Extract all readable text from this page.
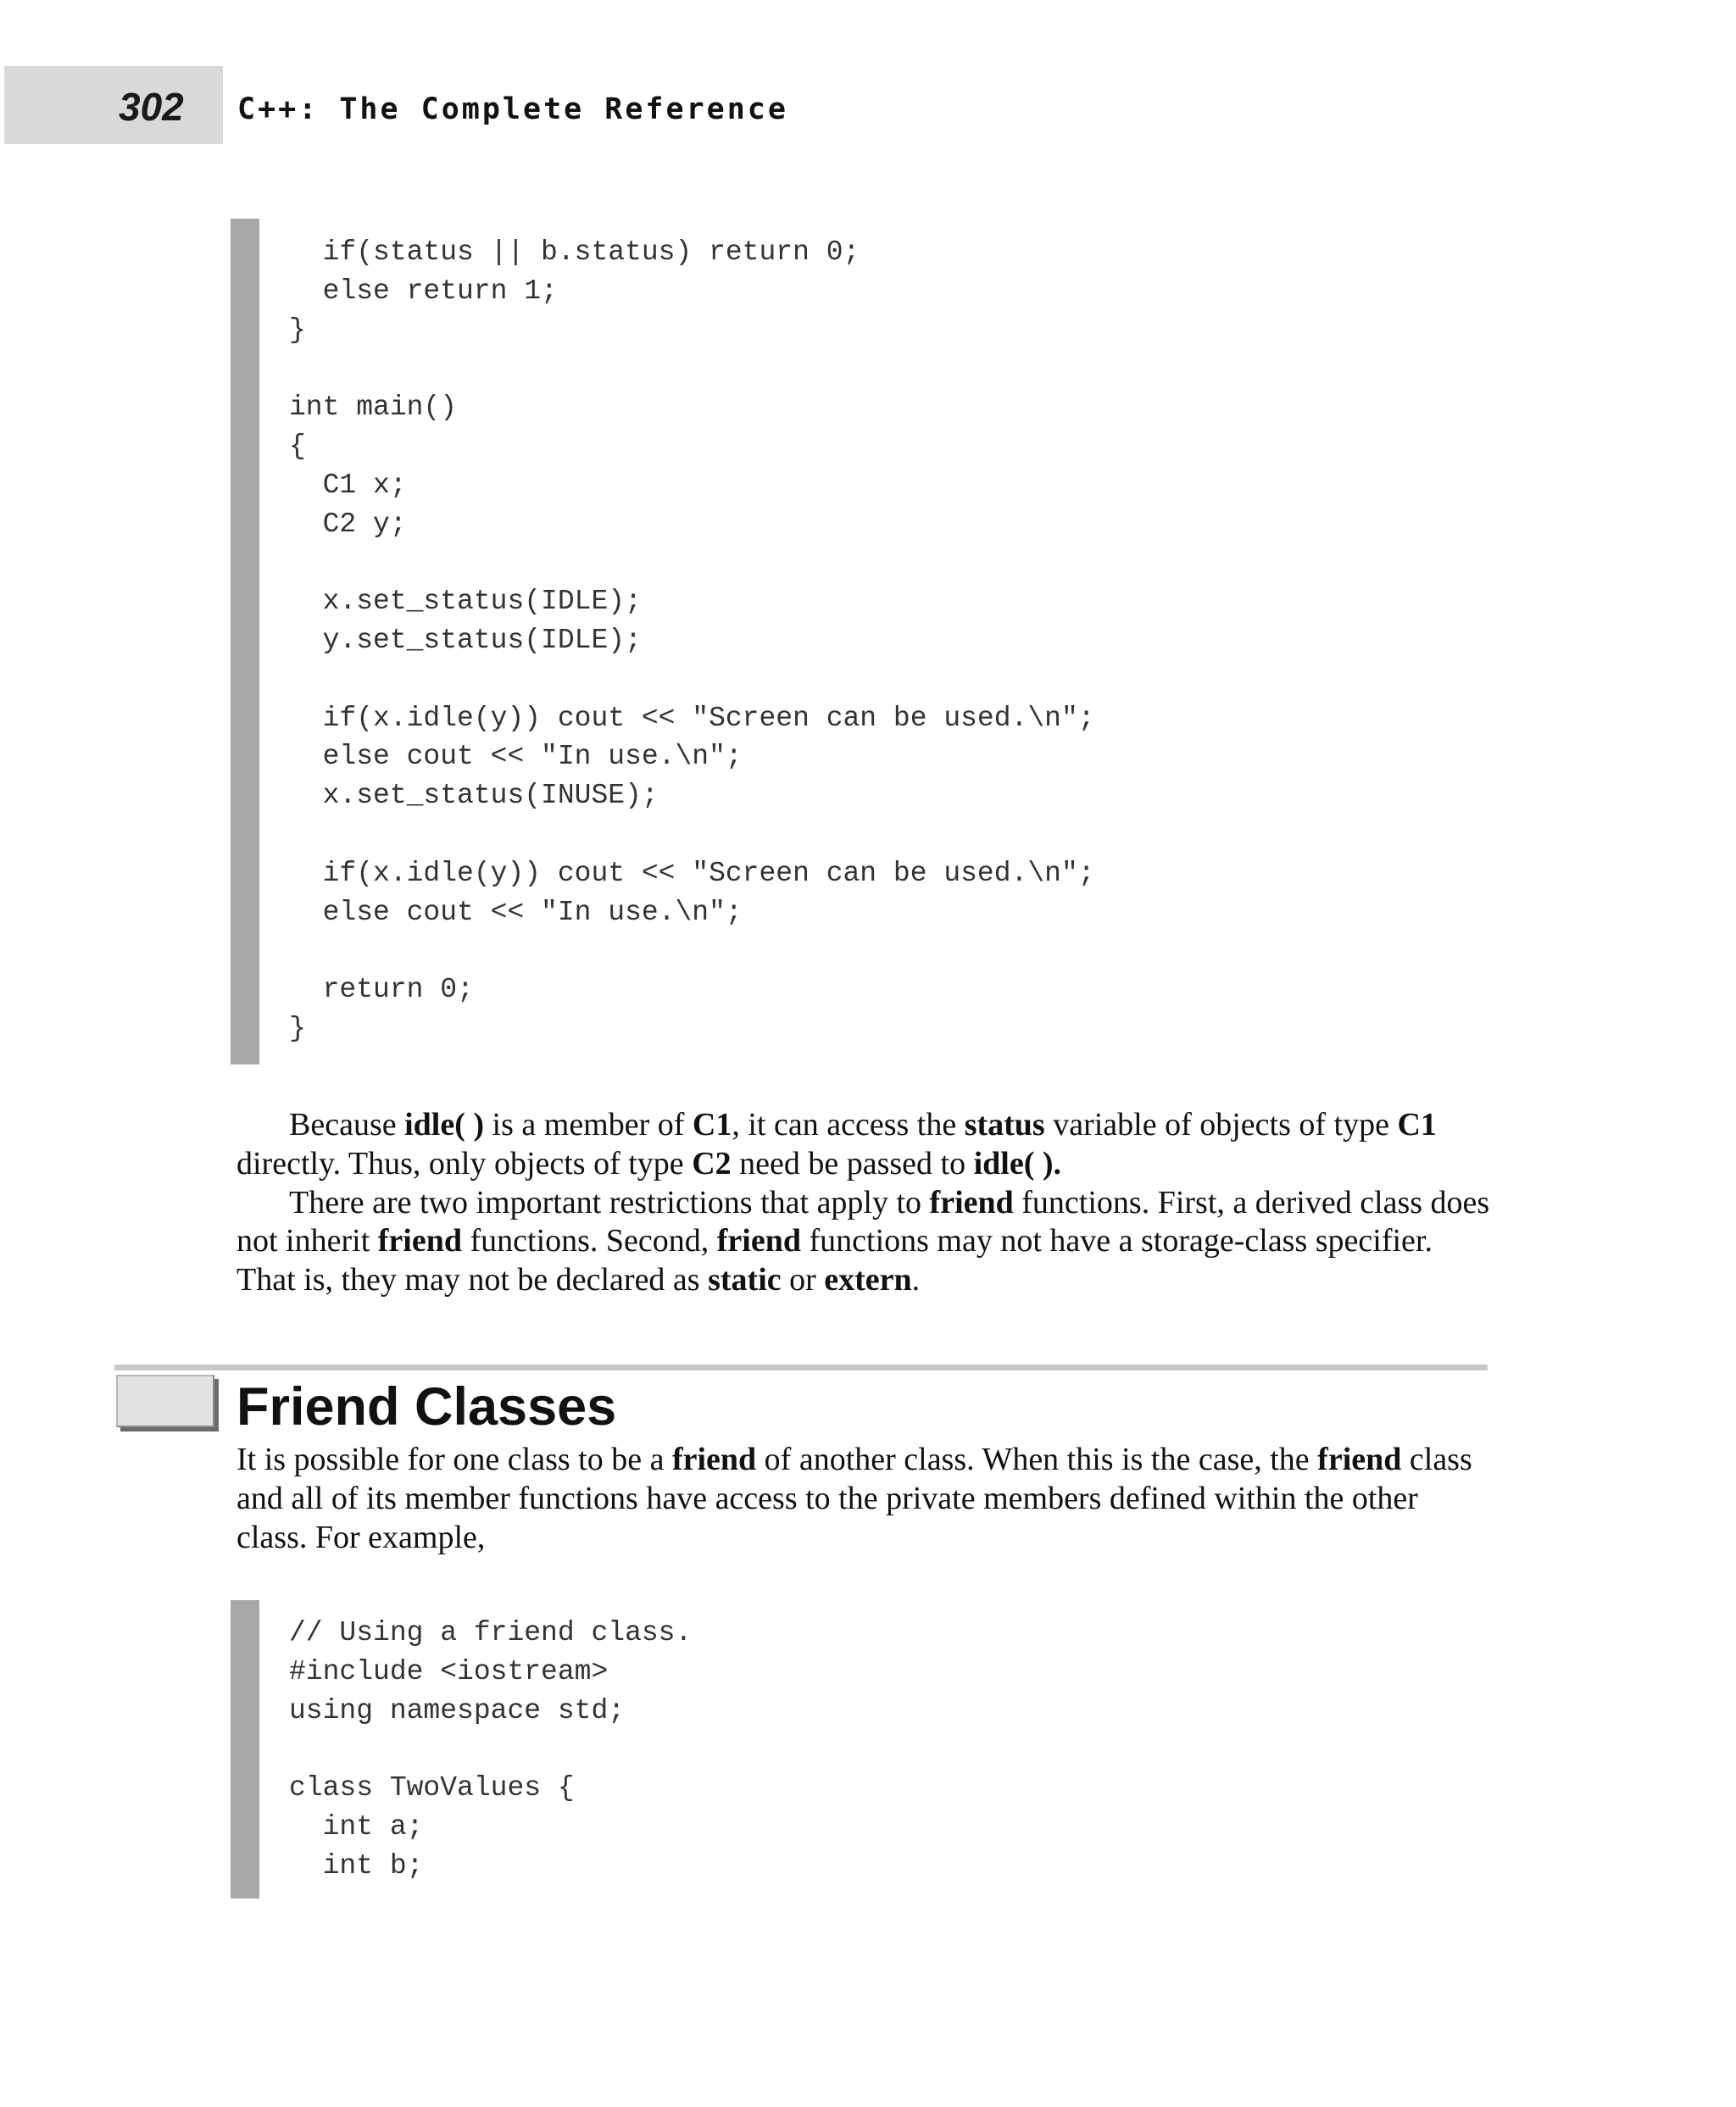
302	C++: The Complete Reference
if(status || b.status) return 0;
else return 1;
}

int main()
{
C1 x;
C2 y;

x.set_status(IDLE);
y.set_status(IDLE);

if(x.idle(y)) cout << "Screen can be used.\n";
else cout << "In use.\n";
x.set_status(INUSE);

if(x.idle(y)) cout << "Screen can be used.\n";
else cout << "In use.\n";

return 0;
}

Because idle( ) is a member of C1, it can access the status variable of objects of type C1 directly. Thus, only objects of type C2 need be passed to idle( ).

There are two important restrictions that apply to friend functions. First, a derived class does not inherit friend functions. Second, friend functions may not have a storage-class specifier. That is, they may not be declared as static or extern.

Friend Classes

It is possible for one class to be a friend of another class. When this is the case, the friend class and all of its member functions have access to the private members defined within the other class. For example,

// Using a friend class.
#include <iostream>
using namespace std;

class TwoValues {
int a;
int b;
